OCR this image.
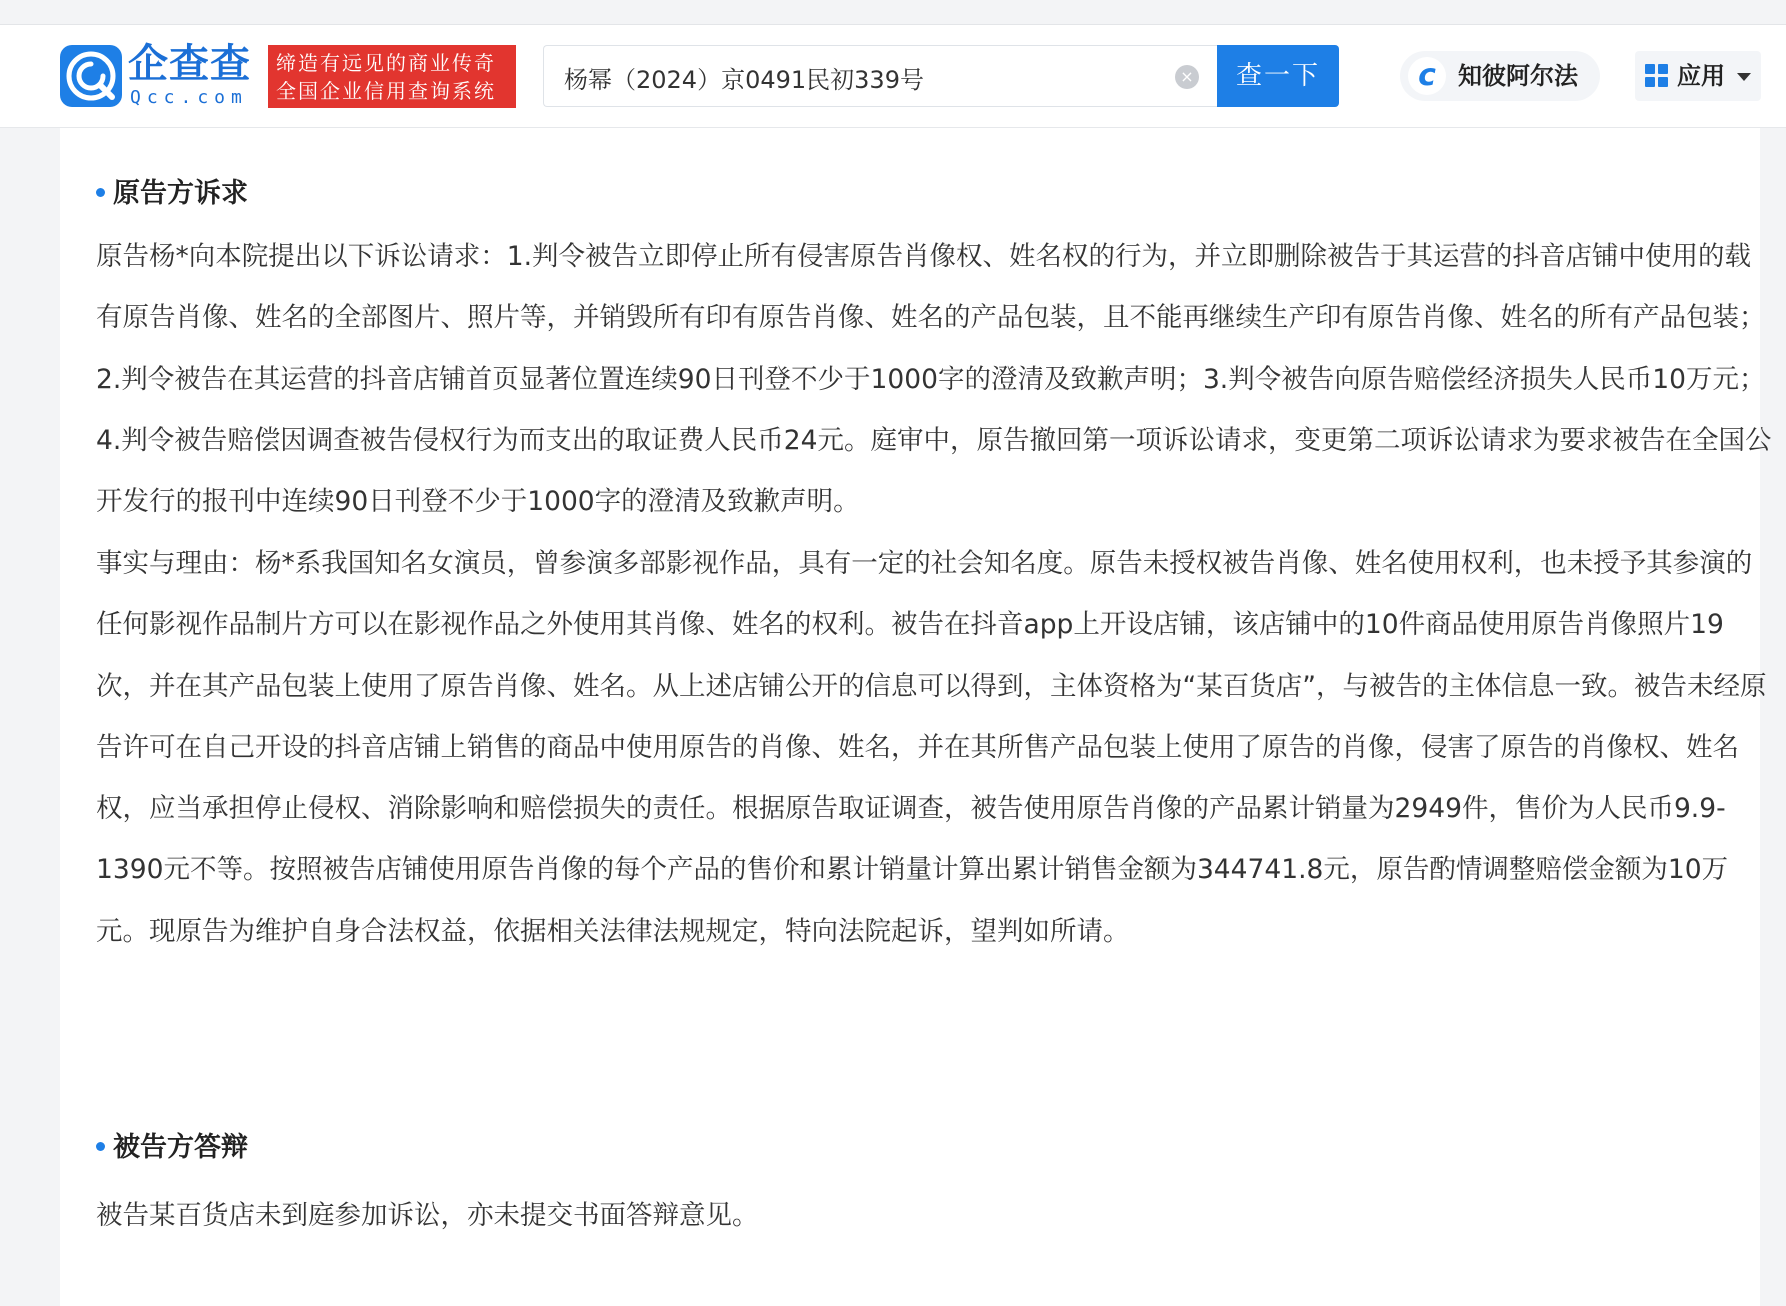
企查查
Qcc.com
缔造有远见的商业传奇
全国企业信用查询系统
杨幂（2024）京0491民初339号
×	查一下	c 知彼阿尔法	应用
原告方诉求

原告杨*向本院提出以下诉讼请求：1.判令被告立即停止所有侵害原告肖像权、姓名权的行为，并立即删除被告于其运营的抖音店铺中使用的载有原告肖像、姓名的全部图片、照片等，并销毁所有印有原告肖像、姓名的产品包装，且不能再继续生产印有原告肖像、姓名的所有产品包装；2.判令被告在其运营的抖音店铺首页显著位置连续90日刊登不少于1000字的澄清及致歉声明；3.判令被告向原告赔偿经济损失人民币10万元；4.判令被告赔偿因调查被告侵权行为而支出的取证费人民币24元。庭审中，原告撤回第一项诉讼请求，变更第二项诉讼请求为要求被告在全国公开发行的报刊中连续90日刊登不少于1000字的澄清及致歉声明。

事实与理由：杨*系我国知名女演员，曾参演多部影视作品，具有一定的社会知名度。原告未授权被告肖像、姓名使用权利，也未授予其参演的任何影视作品制片方可以在影视作品之外使用其肖像、姓名的权利。被告在抖音app上开设店铺，该店铺中的10件商品使用原告肖像照片19次，并在其产品包装上使用了原告肖像、姓名。从上述店铺公开的信息可以得到，主体资格为“某百货店”，与被告的主体信息一致。被告未经原告许可在自己开设的抖音店铺上销售的商品中使用原告的肖像、姓名，并在其所售产品包装上使用了原告的肖像，侵害了原告的肖像权、姓名权，应当承担停止侵权、消除影响和赔偿损失的责任。根据原告取证调查，被告使用原告肖像的产品累计销量为2949件，售价为人民币9.9-1390元不等。按照被告店铺使用原告肖像的每个产品的售价和累计销量计算出累计销售金额为344741.8元，原告酌情调整赔偿金额为10万元。现原告为维护自身合法权益，依据相关法律法规规定，特向法院起诉，望判如所请。

被告方答辩

被告某百货店未到庭参加诉讼，亦未提交书面答辩意见。
